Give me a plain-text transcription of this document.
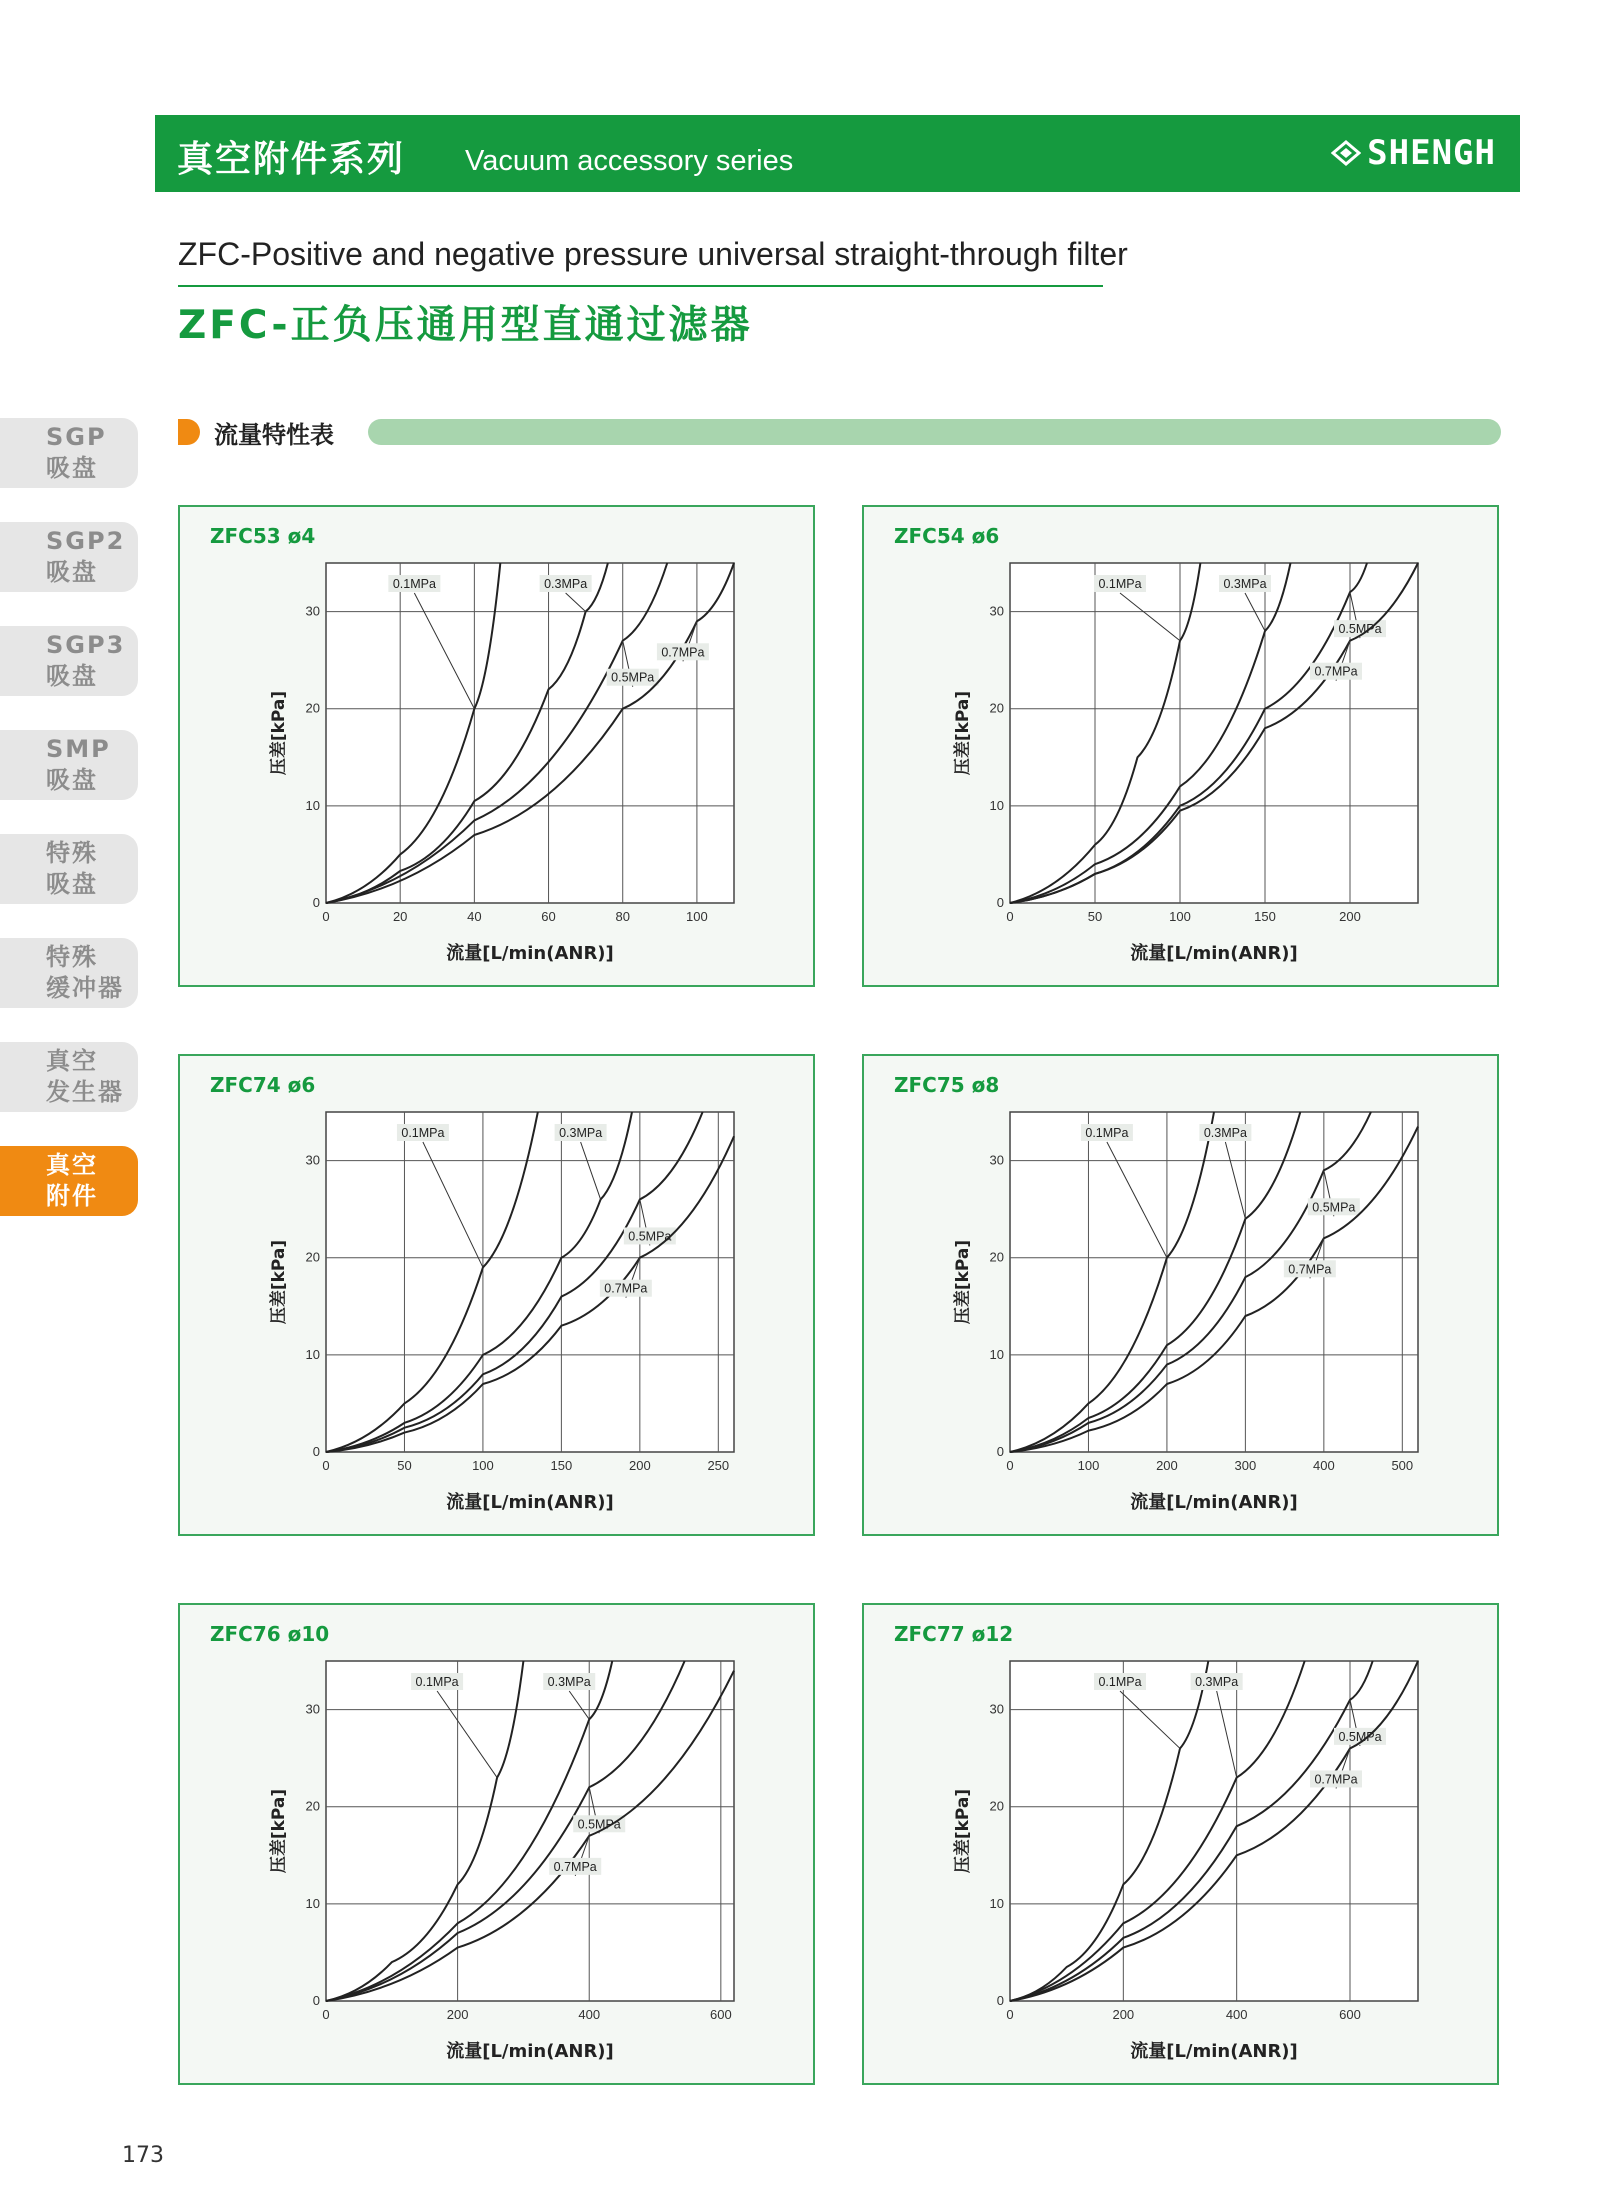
真空附件系列 Vacuum accessory series	SHENGH
ZFC-Positive and negative pressure universal straight-through filter
ZFC-正负压通用型直通过滤器
SGP
吸盘
SGP2
吸盘
SGP3
吸盘
SMP
吸盘
特殊
吸盘
特殊
缓冲器
真空
发生器
真空
附件
流量特性表
ZFC53 ø4
0	20	40	60	80	100
0
10
20
30
流量[L/min(ANR)]
压差[kPa]
0.1MPa	0.3MPa
0.5MPa
0.7MPa
ZFC54 ø6
0	50	100	150	200
0
10
20
30
流量[L/min(ANR)]
压差[kPa]
0.1MPa	0.3MPa
0.5MPa
0.7MPa
ZFC74 ø6
0	50	100	150	200	250
0
10
20
30
流量[L/min(ANR)]
压差[kPa]
0.1MPa	0.3MPa
0.5MPa
0.7MPa
ZFC75 ø8
0	100	200	300	400	500
0
10
20
30
流量[L/min(ANR)]
压差[kPa]
0.1MPa	0.3MPa
0.5MPa
0.7MPa
ZFC76 ø10
0	200	400	600
0
10
20
30
流量[L/min(ANR)]
压差[kPa]
0.1MPa	0.3MPa
0.5MPa
0.7MPa
ZFC77 ø12
0	200	400	600
0
10
20
30
流量[L/min(ANR)]
压差[kPa]
0.1MPa	0.3MPa
0.5MPa
0.7MPa
173
